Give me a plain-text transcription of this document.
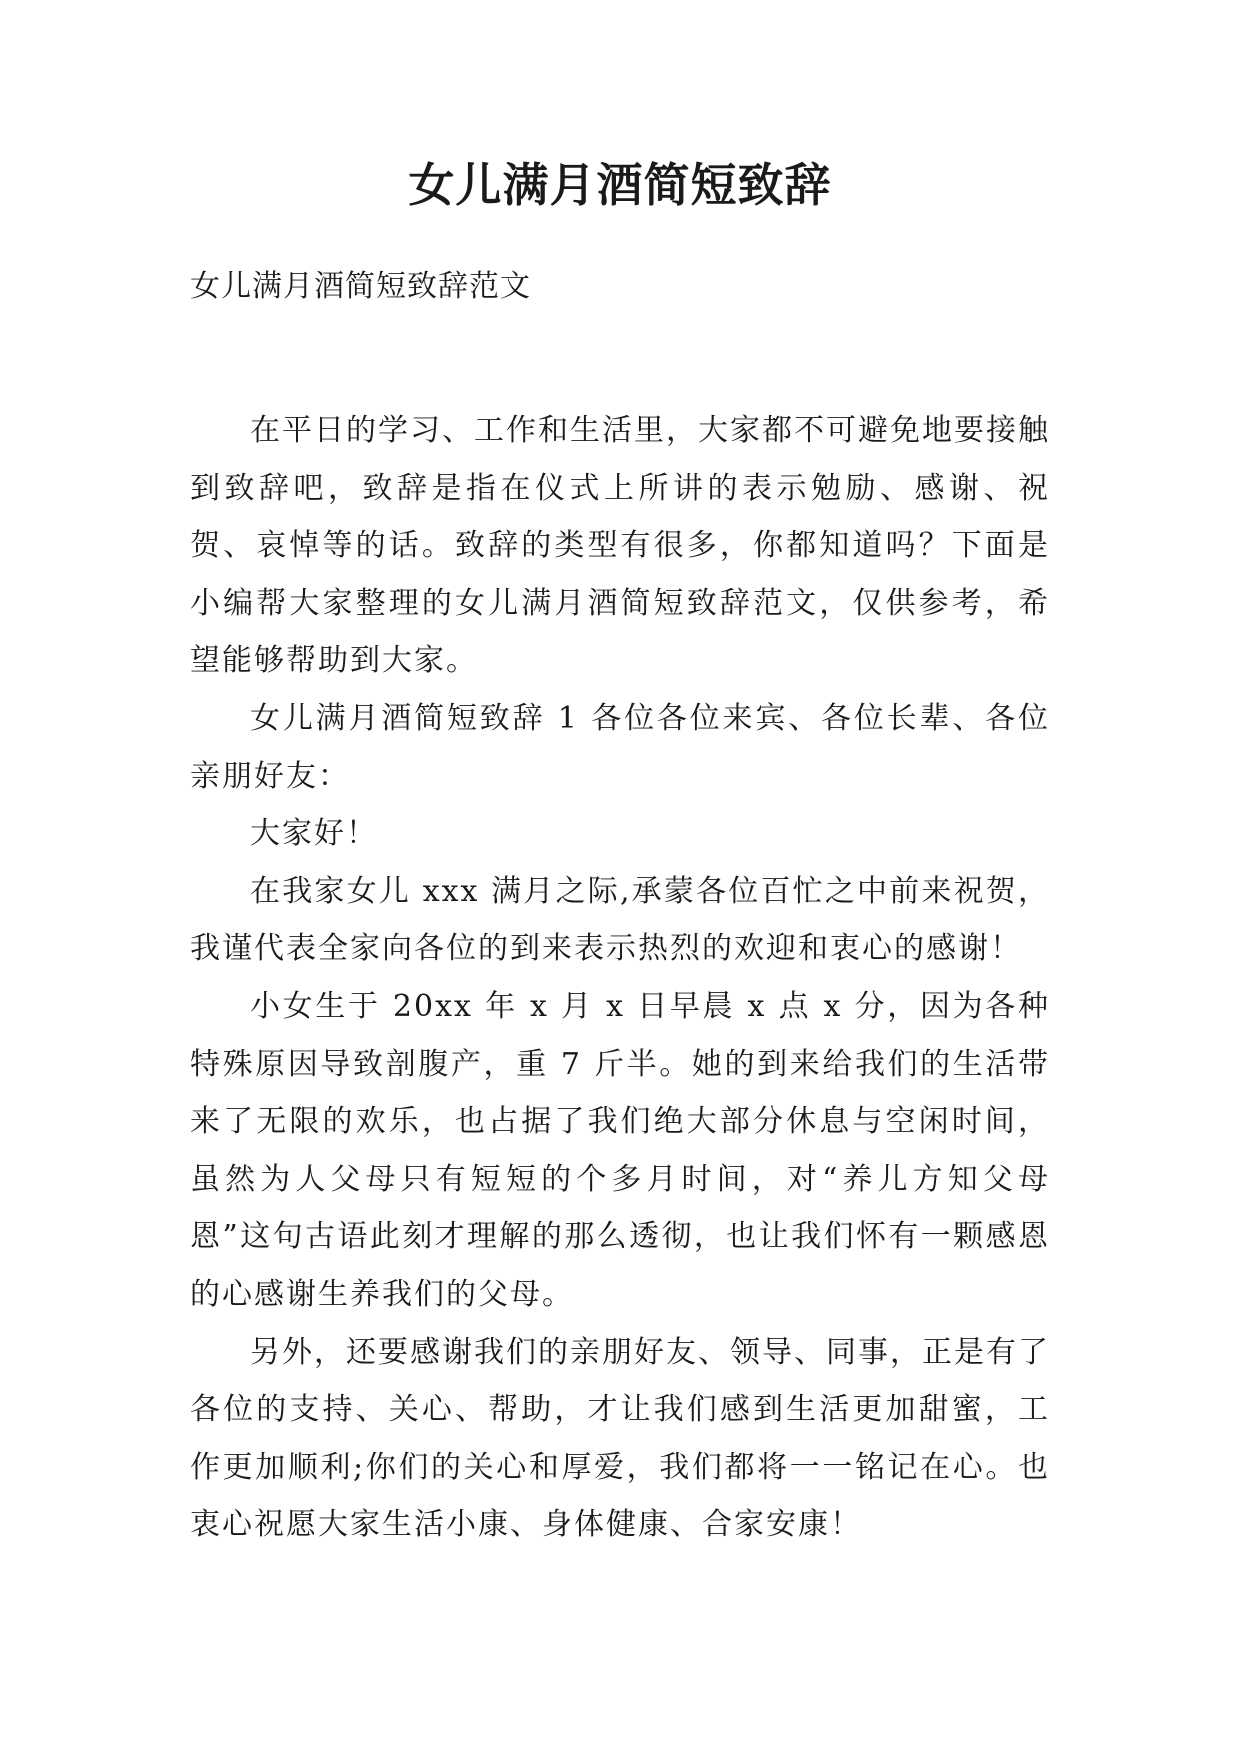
女儿满月酒简短致辞

女儿满月酒简短致辞范文

在平日的学习、工作和生活里，大家都不可避免地要接触到致辞吧，致辞是指在仪式上所讲的表示勉励、感谢、祝贺、哀悼等的话。致辞的类型有很多，你都知道吗？下面是小编帮大家整理的女儿满月酒简短致辞范文，仅供参考，希望能够帮助到大家。

女儿满月酒简短致辞 1 各位各位来宾、各位长辈、各位亲朋好友：

大家好！

在我家女儿 xxx 满月之际,承蒙各位百忙之中前来祝贺，我谨代表全家向各位的到来表示热烈的欢迎和衷心的感谢！

小女生于 20xx 年 x 月 x 日早晨 x 点 x 分，因为各种特殊原因导致剖腹产，重 7 斤半。她的到来给我们的生活带来了无限的欢乐，也占据了我们绝大部分休息与空闲时间，虽然为人父母只有短短的个多月时间，对“养儿方知父母恩”这句古语此刻才理解的那么透彻，也让我们怀有一颗感恩的心感谢生养我们的父母。

另外，还要感谢我们的亲朋好友、领导、同事，正是有了各位的支持、关心、帮助，才让我们感到生活更加甜蜜，工作更加顺利;你们的关心和厚爱，我们都将一一铭记在心。也衷心祝愿大家生活小康、身体健康、合家安康！
